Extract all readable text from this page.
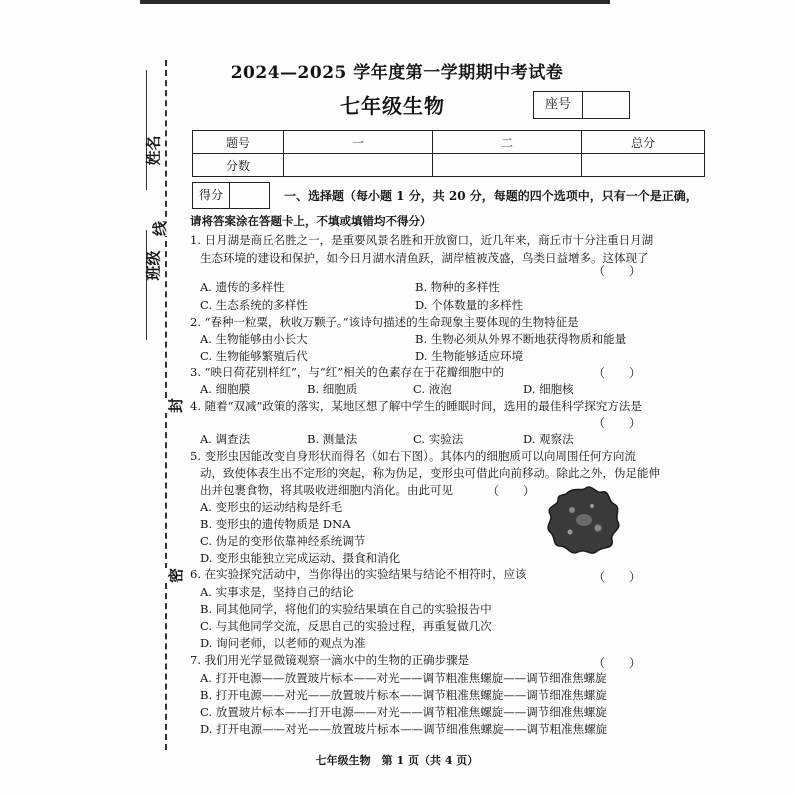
姓名
班级
线
封
密
2024—2025 学年度第一学期期中考试卷
七年级生物	座号
题号	一	二	总分
分数			
得分	一、选择题（每小题 1 分，共 20 分，每题的四个选项中，只有一个是正确，
请将答案涂在答题卡上，不填或填错均不得分）
1. 日月湖是商丘名胜之一，是重要风景名胜和开放窗口，近几年来，商丘市十分注重日月湖
生态环境的建设和保护，如今日月湖水清鱼跃，湖岸植被茂盛，鸟类日益增多。这体现了
（　　）
A. 遗传的多样性	B. 物种的多样性
C. 生态系统的多样性	D. 个体数量的多样性
2. “春种一粒粟，秋收万颗子。”该诗句描述的生命现象主要体现的生物特征是
A. 生物能够由小长大	B. 生物必须从外界不断地获得物质和能量
C. 生物能够繁殖后代	D. 生物能够适应环境
3. “映日荷花别样红”，与“红”相关的色素存在于花瓣细胞中的	（　　）
A. 细胞膜	B. 细胞质	C. 液泡	D. 细胞核
4. 随着“双减”政策的落实，某地区想了解中学生的睡眠时间，选用的最佳科学探究方法是
（　　）
A. 调查法	B. 测量法	C. 实验法	D. 观察法
5. 变形虫因能改变自身形状而得名（如右下图）。其体内的细胞质可以向周围任何方向流
动，致使体表生出不定形的突起，称为伪足，变形虫可借此向前移动。除此之外，伪足能伸
出并包裹食物，将其吸收进细胞内消化。由此可见	（　　）
A. 变形虫的运动结构是纤毛
B. 变形虫的遗传物质是 DNA
C. 伪足的变形依靠神经系统调节
D. 变形虫能独立完成运动、摄食和消化
6. 在实验探究活动中，当你得出的实验结果与结论不相符时，应该	（　　）
A. 实事求是，坚持自己的结论
B. 同其他同学，将他们的实验结果填在自己的实验报告中
C. 与其他同学交流，反思自己的实验过程，再重复做几次
D. 询问老师，以老师的观点为准
7. 我们用光学显微镜观察一滴水中的生物的正确步骤是	（　　）
A. 打开电源——放置玻片标本——对光——调节粗准焦螺旋——调节细准焦螺旋
B. 打开电源——对光——放置玻片标本——调节粗准焦螺旋——调节细准焦螺旋
C. 放置玻片标本——打开电源——对光——调节粗准焦螺旋——调节细准焦螺旋
D. 打开电源——对光——放置玻片标本——调节细准焦螺旋——调节粗准焦螺旋
七年级生物　第 1 页（共 4 页）
